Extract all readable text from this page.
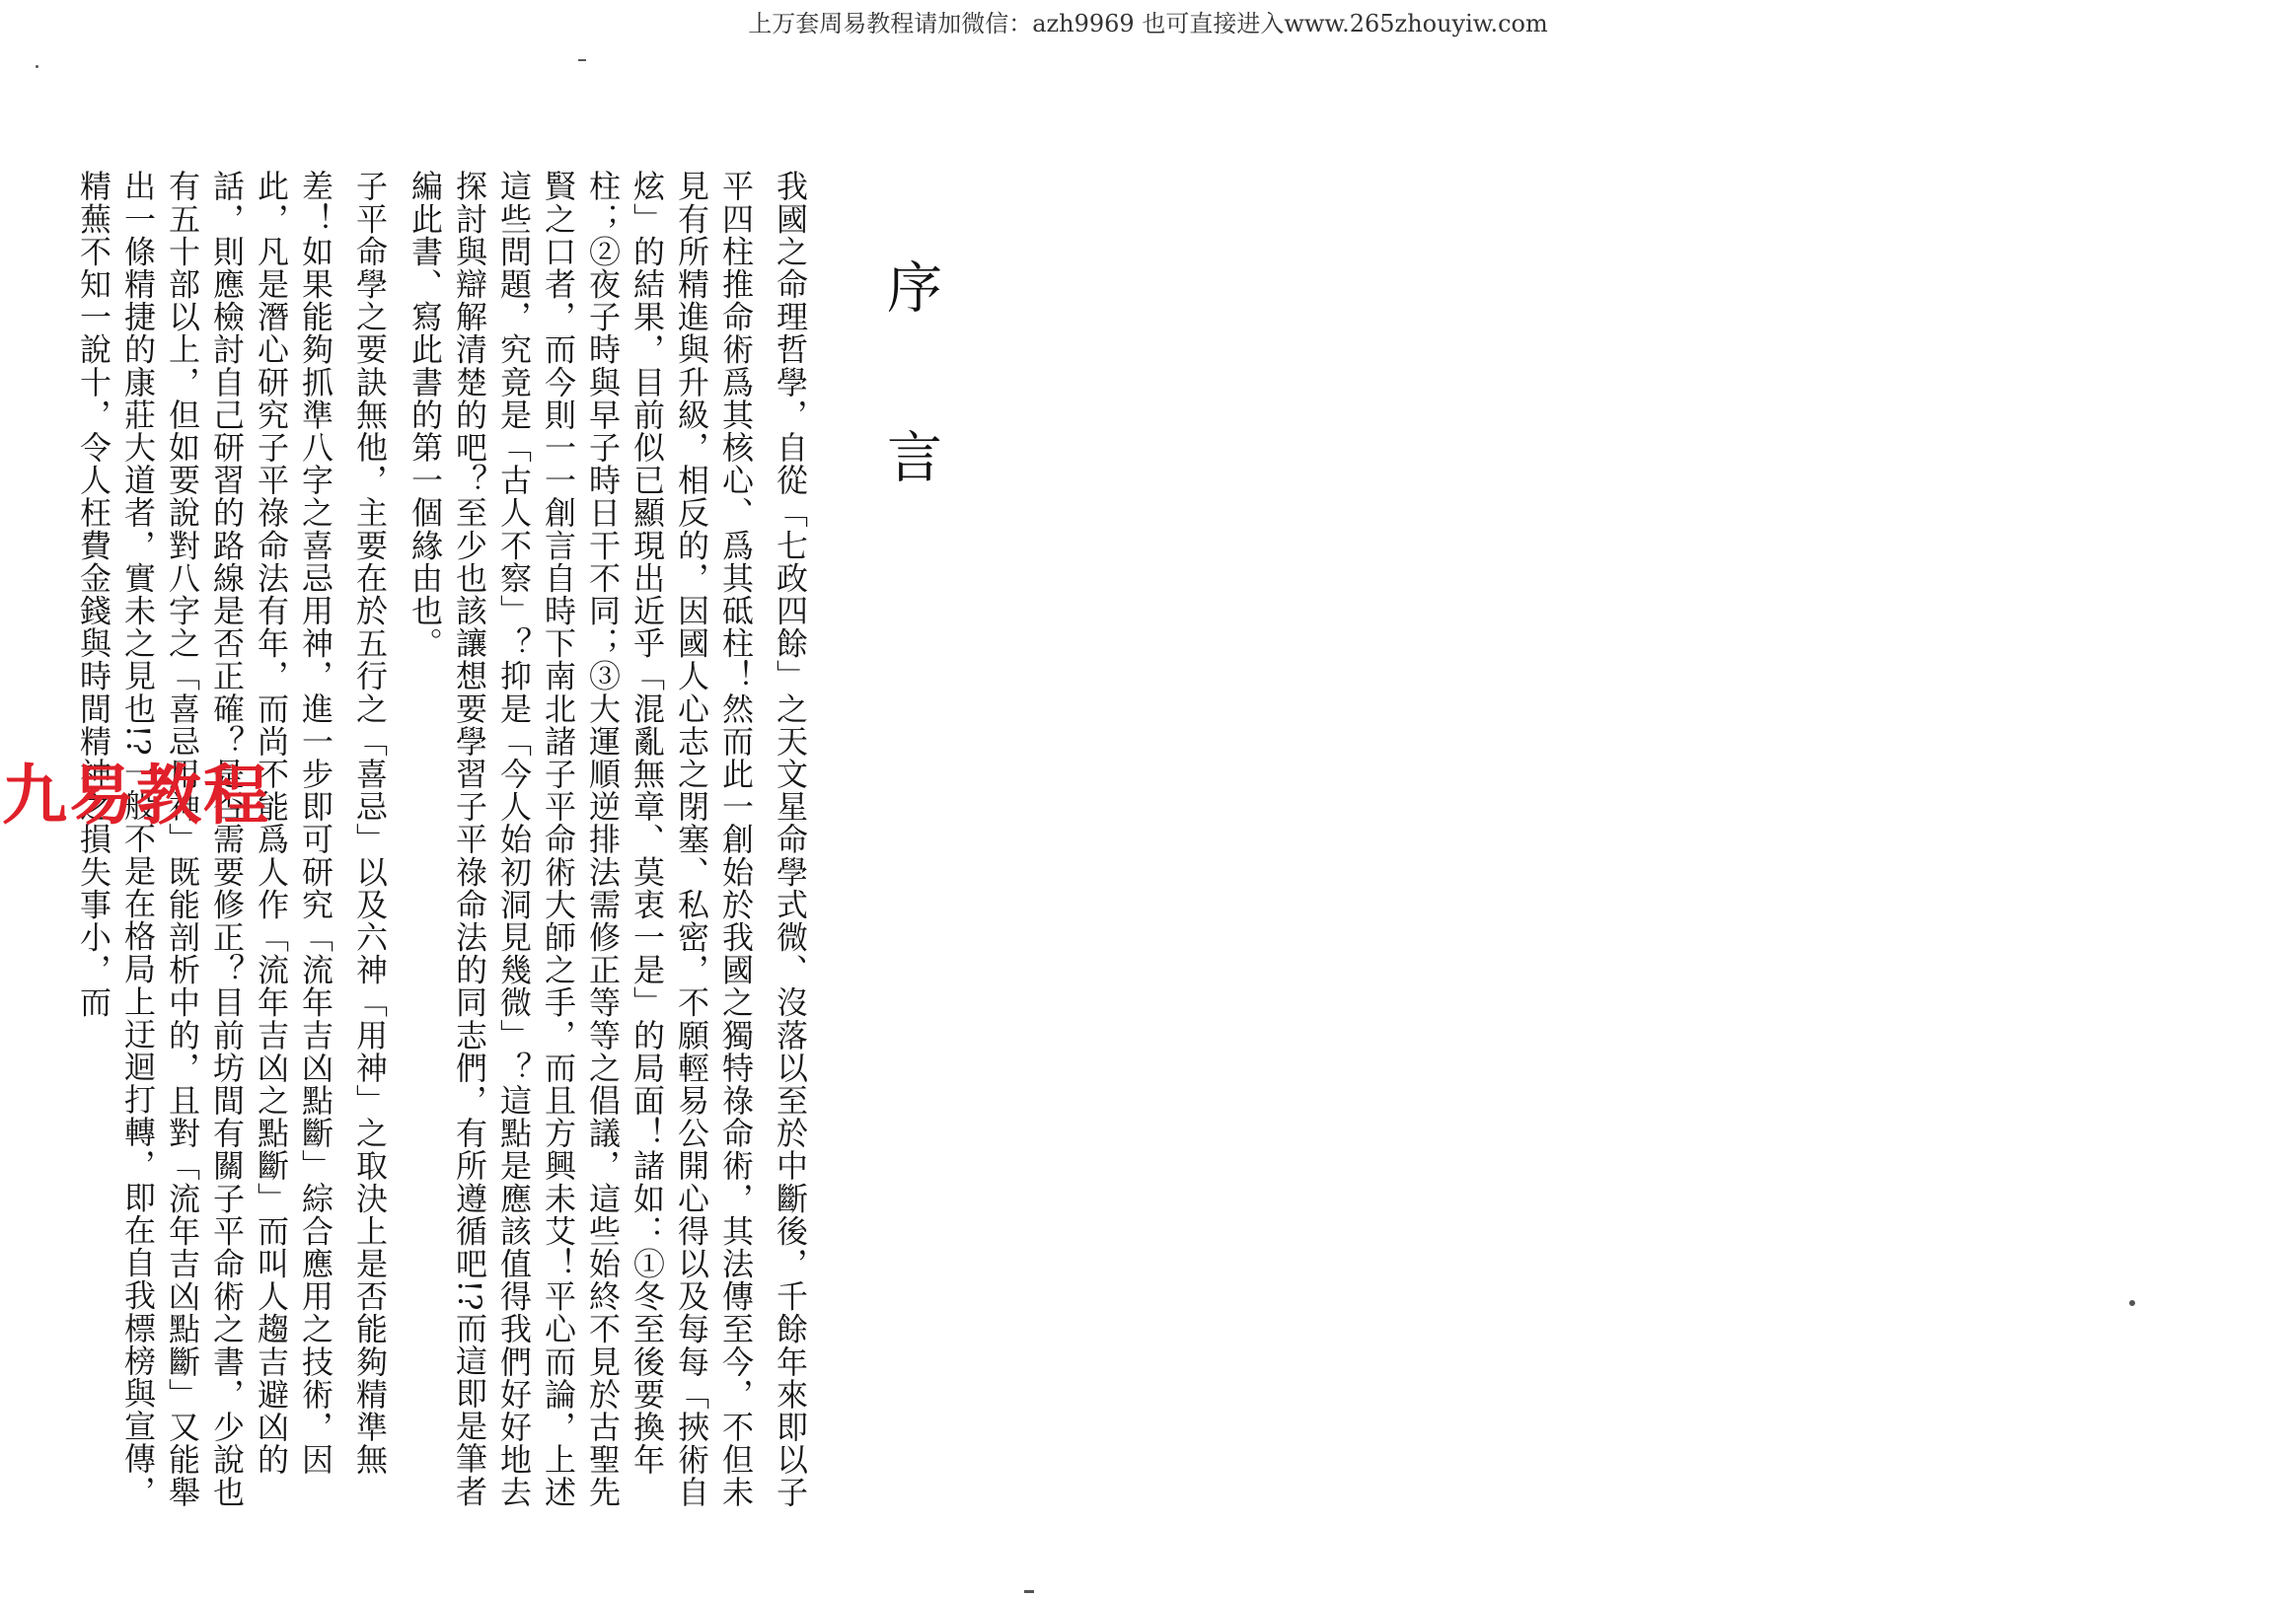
上万套周易教程请加微信：azh9969 也可直接进入www.265zhouyiw.com
序　言

我國之命理哲學，自從「七政四餘」之天文星命學式微、沒落以至於中斷後，千餘年來即以子平四柱推命術爲其核心、爲其砥柱！然而此一創始於我國之獨特祿命術，其法傳至今，不但未見有所精進與升級，相反的，因國人心志之閉塞、私密，不願輕易公開心得以及每每「挾術自炫」的結果，目前似已顯現出近乎「混亂無章、莫衷一是」的局面！諸如：①冬至後要換年柱；②夜子時與早子時日干不同；③大運順逆排法需修正等等之倡議，這些始終不見於古聖先賢之口者，而今則一一創言自時下南北諸子平命術大師之手，而且方興未艾！平心而論，上述這些問題，究竟是「古人不察」？抑是「今人始初洞見幾微」？這點是應該值得我們好好地去探討與辯解清楚的吧？至少也該讓想要學習子平祿命法的同志們，有所遵循吧!?而這即是筆者編此書、寫此書的第一個緣由也。

子平命學之要訣無他，主要在於五行之「喜忌」以及六神「用神」之取決上是否能夠精準無差！如果能夠抓準八字之喜忌用神，進一步即可研究「流年吉凶點斷」綜合應用之技術，因此，凡是潛心研究子平祿命法有年，而尚不能爲人作「流年吉凶之點斷」而叫人趨吉避凶的話，則應檢討自己研習的路線是否正確？是否需要修正？目前坊間有關子平命術之書，少說也有五十部以上，但如要說對八字之「喜忌用神」既能剖析中的，且對「流年吉凶點斷」又能舉出一條精捷的康莊大道者，實未之見也!?一般不是在格局上迂迴打轉，即在自我標榜與宣傳，精蕪不知一說十，令人枉費金錢與時間精神之損失事小，而

九易教程
